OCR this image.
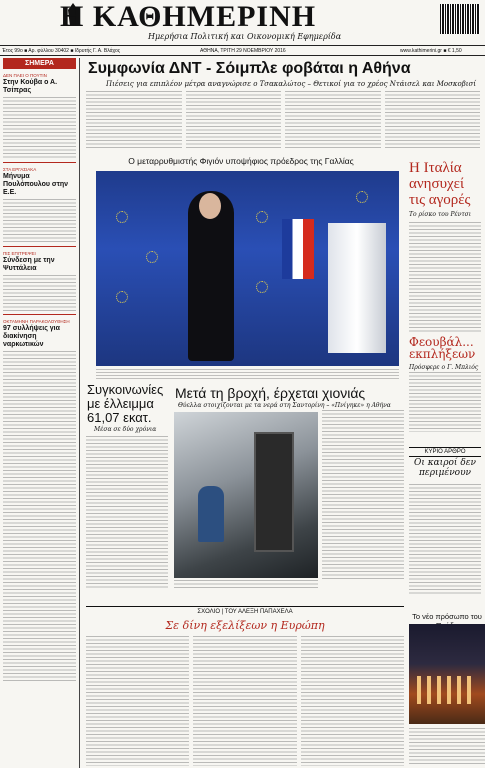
Η ΚΑΘΗΜΕΡΙΝΗ
Ημερήσια Πολιτική και Οικονομική Εφημερίδα
Έτος 99ο ■ Αρ. φύλλου 30402 ■ Ιδρυτής Γ. Α. Βλάχος	ΑΘΗΝΑ, ΤΡΙΤΗ 29 ΝΟΕΜΒΡΙΟΥ 2016	www.kathimerini.gr ■ € 1,50
ΣΗΜΕΡΑ
ΔΕΝ ΠΑΕΙ Ο ΠΟΥΤΙΝ
Στην Κούβα ο Α. Τσίπρας
ΣΤΑ ΕΡΓΑΣΙΑΚΑ
Μήνυμα Πουλόπουλου στην Ε.Ε.
ΠΙΣ ΕΠΙΤΡΕΨΕΙ
Σύνδεση με την Ψυττάλεια
ΟΚΤΑΜΗΝΗ ΠΑΡΑΚΟΛΟΥΘΗΣΗ
97 συλλήψεις για διακίνηση ναρκωτικών
Συμφωνία ΔΝΤ - Σόιμπλε φοβάται η Αθήνα
Πιέσεις για επιπλέον μέτρα αναγνώρισε ο Τσακαλώτος – Θετικοί για το χρέος Ντάισελ και Μοσκοβισί
Ο μεταρρυθμιστής Φιγιόν υποψήφιος πρόεδρος της Γαλλίας	Η Ιταλία ανησυχεί τις αγορές
Το ρίσκο του Ρέντσι
Φεουβάλ... εκπλήξεων
Πρόσφερε ο Γ. Μπλιός
ΚΥΡΙΟ ΑΡΘΡΟ
Οι καιροί δεν περιμένουν
Συγκοινωνίες με έλλειμμα 61,07 εκατ.
Μέσα σε δύο χρόνια
Μετά τη βροχή, έρχεται χιονιάς
Θύελλα στοιχίζονται με τα νερά στη Σαντορίνη – «Πνίγηκε» η Αθήνα
ΣΧΟΛΙΟ | ΤΟΥ ΑΛΕΞΗ ΠΑΠΑΧΕΛΑ
Σε δίνη εξελίξεων η Ευρώπη
Το νέο πρόσωπο του
